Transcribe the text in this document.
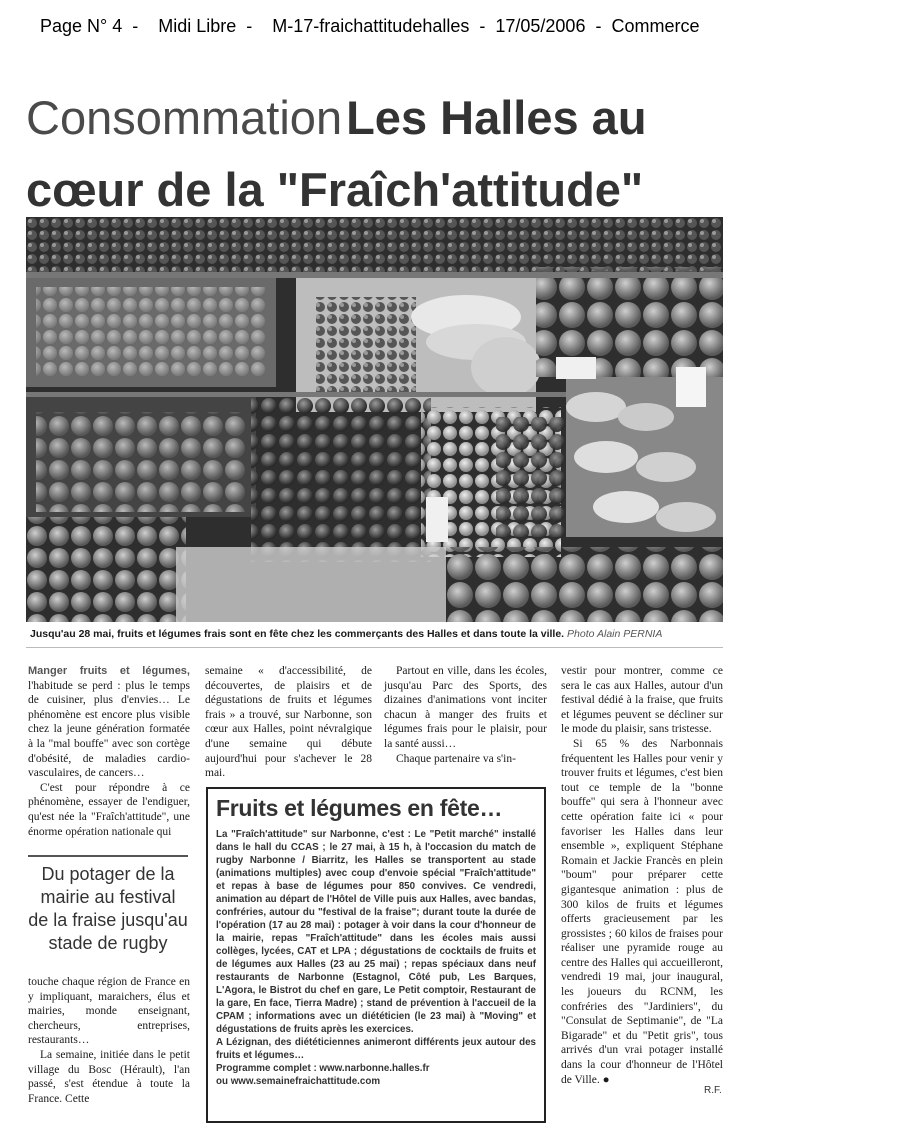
Page N° 4  -    Midi Libre  -    M-17-fraichattitudehalles  -  17/05/2006  -  Commerce
Consommation Les Halles au cœur de la "Fraîch'attitude"
Jusqu'au 28 mai, fruits et légumes frais sont en fête chez les commerçants des Halles et dans toute la ville. Photo Alain PERNIA

Manger fruits et légumes, l'habitude se perd : plus le temps de cuisiner, plus d'envies… Le phénomène est encore plus visible chez la jeune génération formatée à la "mal bouffe" avec son cortège d'obésité, de maladies cardio-vasculaires, de cancers…

C'est pour répondre à ce phénomène, essayer de l'endiguer, qu'est née la "Fraîch'attitude", une énorme opération nationale qui

Du potager de la mairie au festival de la fraise jusqu'au stade de rugby

touche chaque région de France en y impliquant, maraichers, élus et mairies, monde enseignant, chercheurs, entreprises, restaurants…

La semaine, initiée dans le petit village du Bosc (Hérault), l'an passé, s'est étendue à toute la France. Cette

semaine « d'accessibilité, de découvertes, de plaisirs et de dégustations de fruits et légumes frais » a trouvé, sur Narbonne, son cœur aux Halles, point névralgique d'une semaine qui débute aujourd'hui pour s'achever le 28 mai.

Partout en ville, dans les écoles, jusqu'au Parc des Sports, des dizaines d'animations vont inciter chacun à manger des fruits et légumes frais pour le plaisir, pour la santé aussi…

Chaque partenaire va s'in-

vestir pour montrer, comme ce sera le cas aux Halles, autour d'un festival dédié à la fraise, que fruits et légumes peuvent se décliner sur le mode du plaisir, sans tristesse.

Si 65 % des Narbonnais fréquentent les Halles pour venir y trouver fruits et légumes, c'est bien tout ce temple de la "bonne bouffe" qui sera à l'honneur avec cette opération faite ici « pour favoriser les Halles dans leur ensemble », expliquent Stéphane Romain et Jackie Francès en plein "boum" pour préparer cette gigantesque animation : plus de 300 kilos de fruits et légumes offerts gracieusement par les grossistes ; 60 kilos de fraises pour réaliser une pyramide rouge au centre des Halles qui accueilleront, vendredi 19 mai, jour inaugural, les joueurs du RCNM, les confréries des "Jardiniers", du "Consulat de Septimanie", de "La Bigarade" et du "Petit gris", tous arrivés d'un vrai potager installé dans la cour d'honneur de l'Hôtel de Ville. ●

Fruits et légumes en fête…

La "Fraîch'attitude" sur Narbonne, c'est : Le "Petit marché" installé dans le hall du CCAS ; le 27 mai, à 15 h, à l'occasion du match de rugby Narbonne / Biarritz, les Halles se transportent au stade (animations multiples) avec coup d'envoie spécial "Fraîch'attitude" et repas à base de légumes pour 850 convives. Ce vendredi, animation au départ de l'Hôtel de Ville puis aux Halles, avec bandas, confréries, autour du "festival de la fraise"; durant toute la durée de l'opération (17 au 28 mai) : potager à voir dans la cour d'honneur de la mairie, repas "Fraîch'attitude" dans les écoles mais aussi collèges, lycées, CAT et LPA ; dégustations de cocktails de fruits et de légumes aux Halles (23 au 25 mai) ; repas spéciaux dans neuf restaurants de Narbonne (Estagnol, Côté pub, Les Barques, L'Agora, le Bistrot du chef en gare, Le Petit comptoir, Restaurant de la gare, En face, Tierra Madre) ; stand de prévention à l'accueil de la CPAM ; informations avec un diététicien (le 23 mai) à "Moving" et dégustations de fruits après les exercices.

A Lézignan, des diététiciennes animeront différents jeux autour des fruits et légumes…

Programme complet : www.narbonne.halles.fr

ou www.semainefraichattitude.com

R.F.
